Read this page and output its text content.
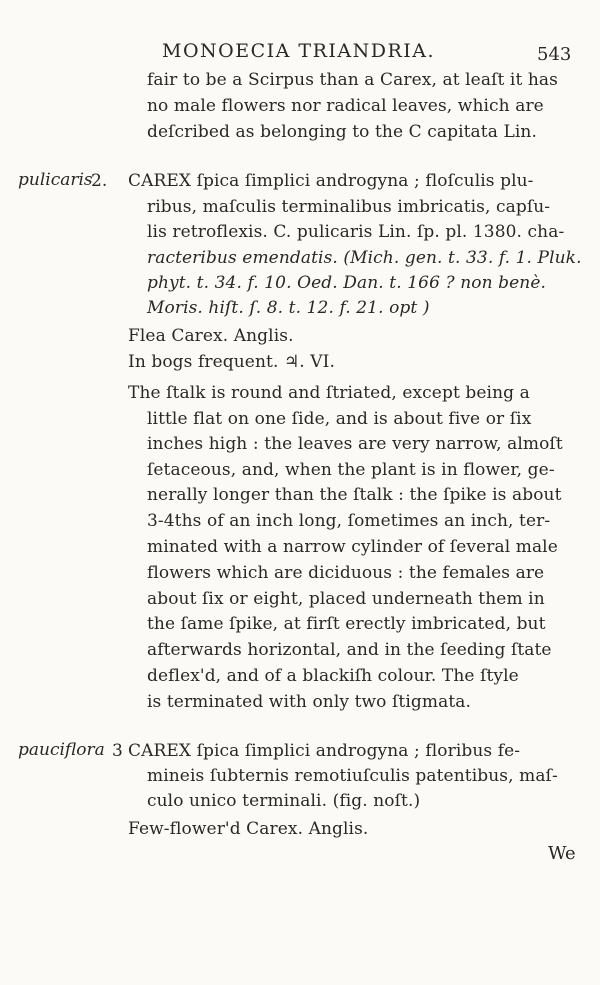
MONOECIA TRIANDRIA.	543
fair to be a Scirpus than a Carex, at leaſt it has
no male flowers nor radical leaves, which are
deſcribed as belonging to the C capitata Lin.
pulicaris
2. CAREX ſpica ſimplici androgyna ; floſculis plu-
ribus, maſculis terminalibus imbricatis, capſu-
lis retroflexis. C. pulicaris Lin. ſp. pl. 1380. cha-
racteribus emendatis. (Mich. gen. t. 33. f. 1. Pluk.
phyt. t. 34. f. 10. Oed. Dan. t. 166 ? non benè.
Moris. hiſt. ſ. 8. t. 12. f. 21. opt )
Flea Carex. Anglis.
In bogs frequent. ♃. VI.
The ſtalk is round and ſtriated, except being a
little flat on one ſide, and is about five or ſix
inches high : the leaves are very narrow, almoſt
ſetaceous, and, when the plant is in flower, ge-
nerally longer than the ſtalk : the ſpike is about
3-4ths of an inch long, ſometimes an inch, ter-
minated with a narrow cylinder of ſeveral male
flowers which are diciduous : the females are
about ſix or eight, placed underneath them in
the ſame ſpike, at firſt erectly imbricated, but
afterwards horizontal, and in the ſeeding ſtate
deflex'd, and of a blackiſh colour. The ſtyle
is terminated with only two ſtigmata.
pauciflora 3 CAREX ſpica ſimplici androgyna ; floribus fe-
mineis ſubternis remotiuſculis patentibus, maſ-
culo unico terminali. (fig. noſt.)
Few-flower'd Carex. Anglis.
We
